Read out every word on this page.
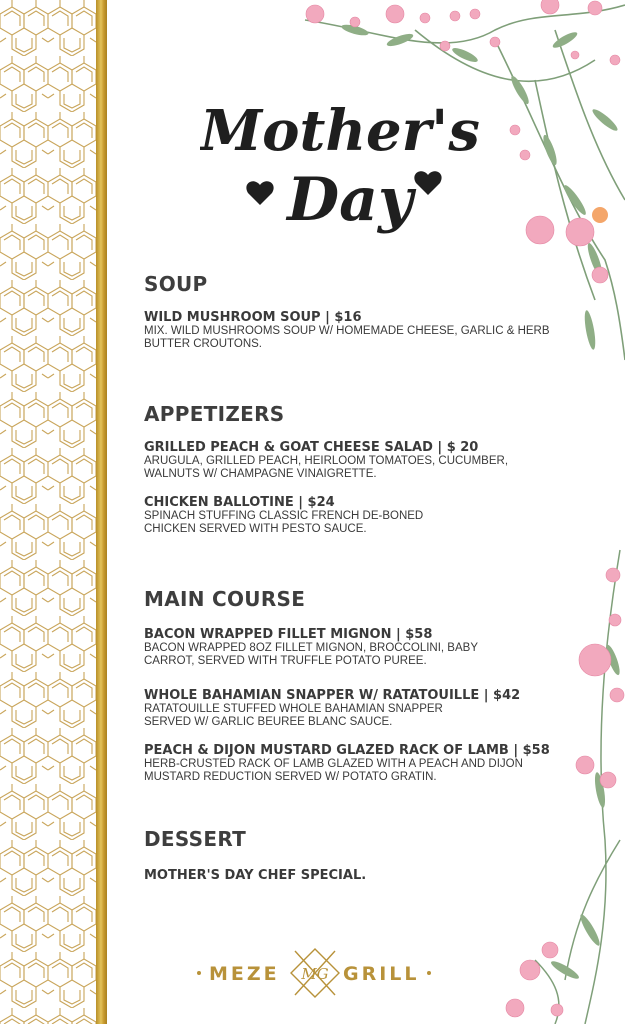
Mother's
Day
SOUP
WILD MUSHROOM SOUP | $16
MIX. WILD MUSHROOMS SOUP W/ HOMEMADE CHEESE, GARLIC & HERB BUTTER CROUTONS.
APPETIZERS
GRILLED PEACH & GOAT CHEESE SALAD | $ 20
ARUGULA, GRILLED PEACH, HEIRLOOM TOMATOES, CUCUMBER, WALNUTS W/ CHAMPAGNE VINAIGRETTE.
CHICKEN BALLOTINE | $24
SPINACH STUFFING CLASSIC FRENCH DE-BONED CHICKEN SERVED WITH PESTO SAUCE.
MAIN COURSE
BACON WRAPPED FILLET MIGNON | $58
BACON WRAPPED 8OZ FILLET MIGNON, BROCCOLINI, BABY CARROT, SERVED WITH TRUFFLE POTATO PUREE.
WHOLE BAHAMIAN SNAPPER W/ RATATOUILLE | $42
RATATOUILLE STUFFED WHOLE BAHAMIAN SNAPPER SERVED W/ GARLIC BEUREE BLANC SAUCE.
PEACH & DIJON MUSTARD GLAZED RACK OF LAMB | $58
HERB-CRUSTED RACK OF LAMB GLAZED WITH A PEACH AND DIJON MUSTARD REDUCTION SERVED W/ POTATO GRATIN.
DESSERT
MOTHER'S DAY CHEF SPECIAL.
MEZE MG GRILL
